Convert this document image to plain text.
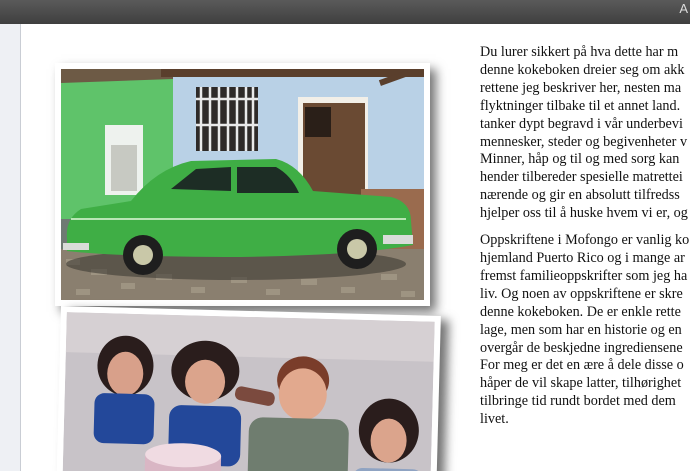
A

Du lurer sikkert på hva dette har m
denne kokeboken dreier seg om akk
rettene jeg beskriver her, nesten ma
flyktninger tilbake til et annet land.
tanker dypt begravd i vår underbevi
mennesker, steder og begivenheter v
Minner, håp og til og med sorg kan
hender tilbereder spesielle matrettei
nærende og gir en absolutt tilfredss
hjelper oss til å huske hvem vi er, og

Oppskriftene i Mofongo er vanlig ko
hjemland Puerto Rico og i mange ar
fremst familieoppskrifter som jeg ha
liv. Og noen av oppskriftene er skre
denne kokeboken. De er enkle rette
lage, men som har en historie og en
overgår de beskjedne ingrediensene
For meg er det en ære å dele disse o
håper de vil skape latter, tilhørighet
tilbringe tid rundt bordet med dem
livet.
